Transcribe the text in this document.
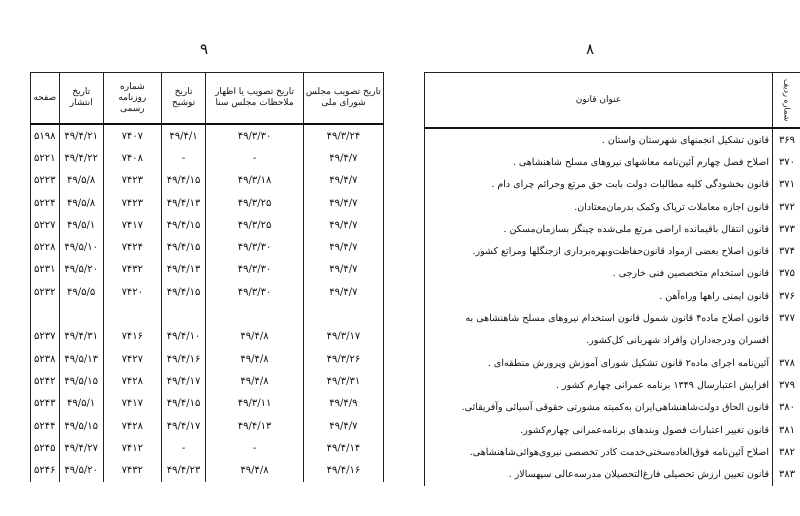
۹
تاریخ تصویب مجلس شورای ملی	تاریخ تصویب یا اظهار ملاحظات مجلس سنا	تاریخ توشیح	شماره روزنامه رسمی	تاریخ انتشار	صفحه
۴۹/۳/۲۴	۴۹/۳/۳۰	۴۹/۴/۱	۷۴۰۷	۴۹/۴/۲۱	۵۱۹۸
۴۹/۴/۷	-	-	۷۴۰۸	۴۹/۴/۲۲	۵۲۲۱
۴۹/۴/۷	۴۹/۳/۱۸	۴۹/۴/۱۵	۷۴۲۳	۴۹/۵/۸	۵۲۲۳
۴۹/۴/۷	۴۹/۳/۲۵	۴۹/۴/۱۳	۷۴۲۳	۴۹/۵/۸	۵۲۲۴
۴۹/۴/۷	۴۹/۳/۲۵	۴۹/۴/۱۵	۷۴۱۷	۴۹/۵/۱	۵۲۲۷
۴۹/۴/۷	۴۹/۳/۳۰	۴۹/۴/۱۵	۷۴۲۴	۴۹/۵/۱۰	۵۲۲۸
۴۹/۴/۷	۴۹/۳/۳۰	۴۹/۴/۱۳	۷۴۳۲	۴۹/۵/۲۰	۵۲۳۱
۴۹/۴/۷	۴۹/۳/۳۰	۴۹/۴/۱۵	۷۴۲۰	۴۹/۵/۵	۵۲۳۲

۴۹/۳/۱۷	۴۹/۴/۸	۴۹/۴/۱۰	۷۴۱۶	۴۹/۴/۳۱	۵۲۳۷
۴۹/۳/۲۶	۴۹/۴/۸	۴۹/۴/۱۶	۷۴۲۷	۴۹/۵/۱۳	۵۲۳۸
۴۹/۳/۳۱	۴۹/۴/۸	۴۹/۴/۱۷	۷۴۲۸	۴۹/۵/۱۵	۵۲۴۲
۴۹/۴/۹	۴۹/۳/۱۱	۴۹/۴/۱۵	۷۴۱۷	۴۹/۵/۱	۵۲۴۳
۴۹/۴/۷	۴۹/۴/۱۳	۴۹/۴/۱۷	۷۴۲۸	۴۹/۵/۱۵	۵۲۴۴
۴۹/۴/۱۴	-	-	۷۴۱۲	۴۹/۴/۲۷	۵۲۴۵
۴۹/۴/۱۶	۴۹/۴/۸	۴۹/۴/۲۳	۷۴۳۲	۴۹/۵/۲۰	۵۲۴۶
۸
شماره ردیف	عنوان قانون
۳۶۹	قانون تشکیل انجمنهای شهرستان واستان .
۳۷۰	اصلاح فصل چهارم آئین‌نامه معاشهای نیروهای مسلح شاهنشاهی .
۳۷۱	قانون بخشودگی کلیه مطالبات دولت بابت حق مرتع وجرائم چرای دام .
۳۷۲	قانون اجازه معاملات تریاک وکمک بدرمان‌معتادان.
۳۷۳	قانون انتقال باقیمانده اراضی مرتع ملی‌شده چینگز بسازمان‌مسکن .
۳۷۴	قانون اصلاح بعضی ازمواد قانون‌حفاظت‌وبهره‌برداری ازجنگلها ومراتع کشور.
۳۷۵	قانون استخدام متخصصین فنی خارجی .
۳۷۶	قانون ایمنی راهها وراه‌آهن .
۳۷۷	قانون اصلاح ماده۴ قانون شمول قانون استخدام نیروهای مسلح شاهنشاهی به
	افسران ودرجه‌داران وافراد شهربانی کل‌کشور.
۳۷۸	آئین‌نامه اجرای ماده۲ قانون تشکیل شورای آموزش وپرورش منطقه‌ای .
۳۷۹	افزایش اعتبارسال ۱۳۴۹ برنامه عمرانی چهارم کشور .
۳۸۰	قانون الحاق دولت‌شاهنشاهی‌ایران به‌کمیته مشورتی حقوقی آسیائی وآفریقائی.
۳۸۱	قانون تغییر اعتبارات فصول وبندهای برنامه‌عمرانی چهارم‌کشور.
۳۸۲	اصلاح آئین‌نامه فوق‌العاده‌سختی‌خدمت کادر تخصصی نیروی‌هوائی‌شاهنشاهی.
۳۸۳	قانون تعیین ارزش تحصیلی فارغ‌التحصیلان مدرسه‌عالی سپهسالار .
